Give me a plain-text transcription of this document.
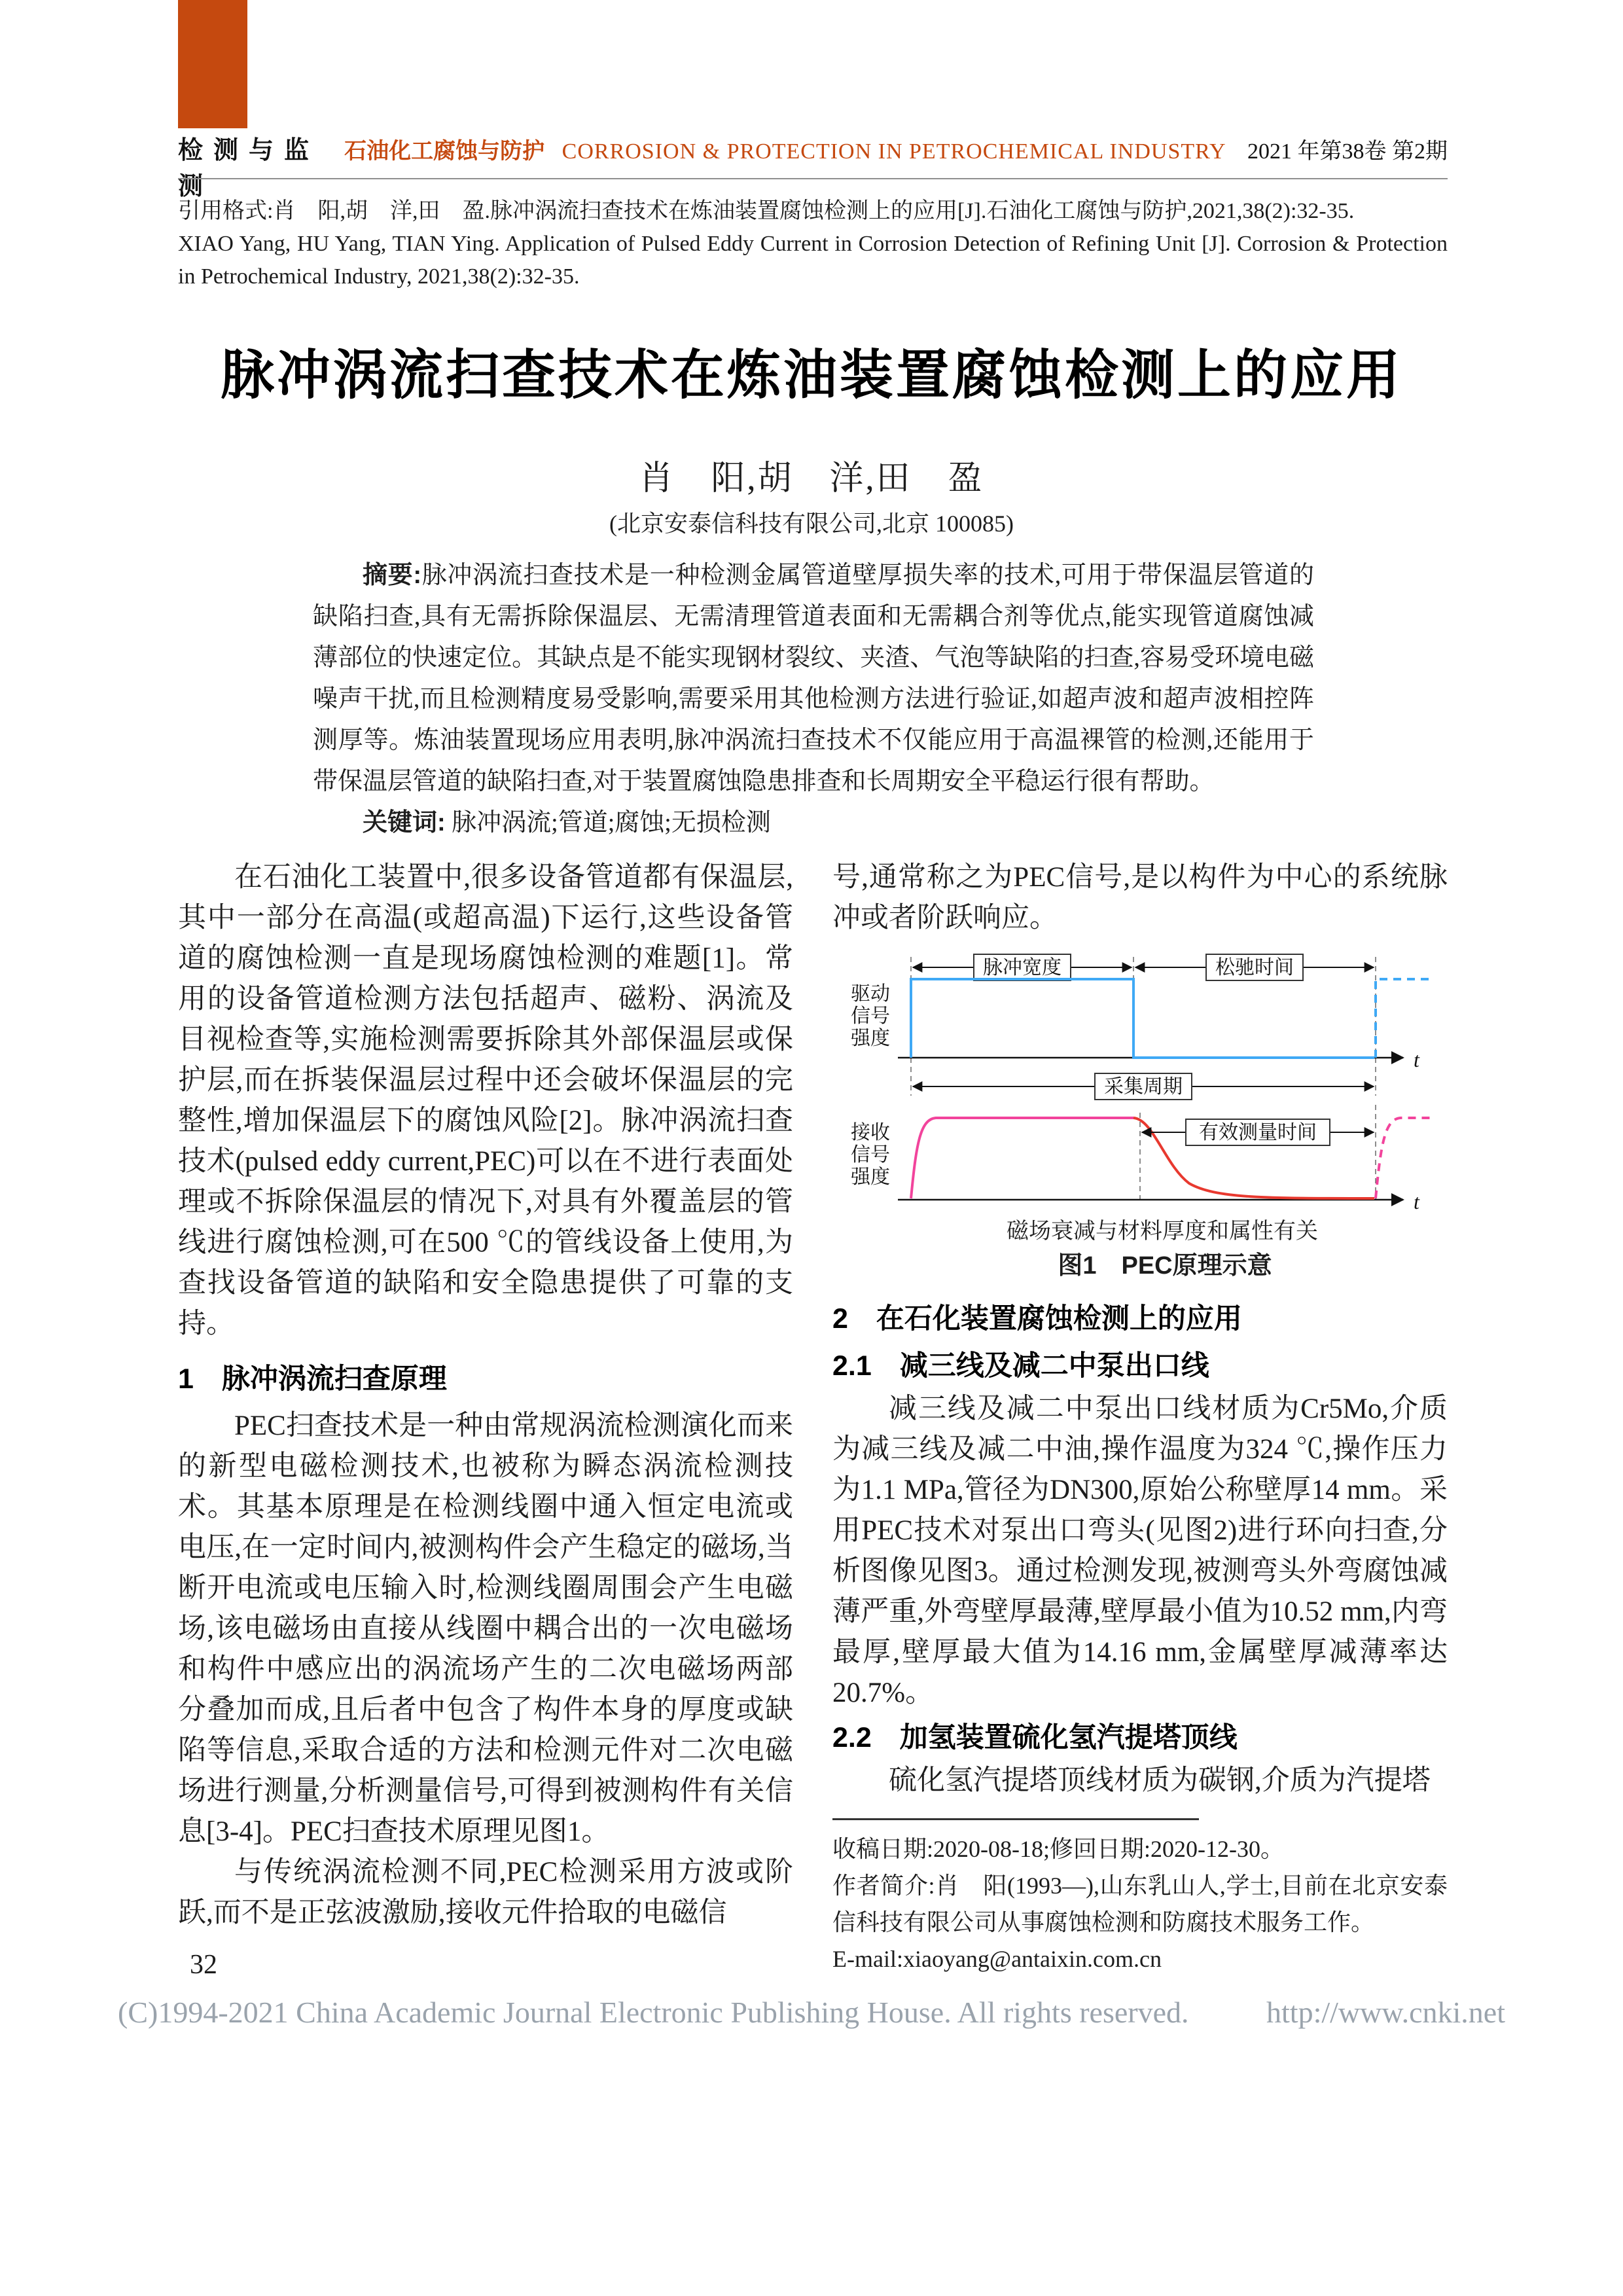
检测与监测
石油化工腐蚀与防护 CORROSION & PROTECTION IN PETROCHEMICAL INDUSTRY 2021 年第38卷 第2期

引用格式:肖　阳,胡　洋,田　盈.脉冲涡流扫查技术在炼油装置腐蚀检测上的应用[J].石油化工腐蚀与防护,2021,38(2):32-35.

XIAO Yang, HU Yang, TIAN Ying. Application of Pulsed Eddy Current in Corrosion Detection of Refining Unit [J]. Corrosion & Protection in Petrochemical Industry, 2021,38(2):32-35.

脉冲涡流扫查技术在炼油装置腐蚀检测上的应用
肖　阳,胡　洋,田　盈
(北京安泰信科技有限公司,北京 100085)

摘要:脉冲涡流扫查技术是一种检测金属管道壁厚损失率的技术,可用于带保温层管道的缺陷扫查,具有无需拆除保温层、无需清理管道表面和无需耦合剂等优点,能实现管道腐蚀减薄部位的快速定位。其缺点是不能实现钢材裂纹、夹渣、气泡等缺陷的扫查,容易受环境电磁噪声干扰,而且检测精度易受影响,需要采用其他检测方法进行验证,如超声波和超声波相控阵测厚等。炼油装置现场应用表明,脉冲涡流扫查技术不仅能应用于高温裸管的检测,还能用于带保温层管道的缺陷扫查,对于装置腐蚀隐患排查和长周期安全平稳运行很有帮助。

关键词: 脉冲涡流;管道;腐蚀;无损检测

在石油化工装置中,很多设备管道都有保温层,其中一部分在高温(或超高温)下运行,这些设备管道的腐蚀检测一直是现场腐蚀检测的难题[1]。常用的设备管道检测方法包括超声、磁粉、涡流及目视检查等,实施检测需要拆除其外部保温层或保护层,而在拆装保温层过程中还会破坏保温层的完整性,增加保温层下的腐蚀风险[2]。脉冲涡流扫查技术(pulsed eddy current,PEC)可以在不进行表面处理或不拆除保温层的情况下,对具有外覆盖层的管线进行腐蚀检测,可在500 ℃的管线设备上使用,为查找设备管道的缺陷和安全隐患提供了可靠的支持。

1　脉冲涡流扫查原理

PEC扫查技术是一种由常规涡流检测演化而来的新型电磁检测技术,也被称为瞬态涡流检测技术。其基本原理是在检测线圈中通入恒定电流或电压,在一定时间内,被测构件会产生稳定的磁场,当断开电流或电压输入时,检测线圈周围会产生电磁场,该电磁场由直接从线圈中耦合出的一次电磁场和构件中感应出的涡流场产生的二次电磁场两部分叠加而成,且后者中包含了构件本身的厚度或缺陷等信息,采取合适的方法和检测元件对二次电磁场进行测量,分析测量信号,可得到被测构件有关信息[3-4]。PEC扫查技术原理见图1。

与传统涡流检测不同,PEC检测采用方波或阶跃,而不是正弦波激励,接收元件拾取的电磁信

号,通常称之为PEC信号,是以构件为中心的系统脉冲或者阶跃响应。

脉冲宽度	松驰时间
t
驱动
信号
强度
采集周期
t
接收
信号
强度
有效测量时间

磁场衰减与材料厚度和属性有关

图1　PEC原理示意

2　在石化装置腐蚀检测上的应用
2.1　减三线及减二中泵出口线

减三线及减二中泵出口线材质为Cr5Mo,介质为减三线及减二中油,操作温度为324 ℃,操作压力为1.1 MPa,管径为DN300,原始公称壁厚14 mm。采用PEC技术对泵出口弯头(见图2)进行环向扫查,分析图像见图3。通过检测发现,被测弯头外弯腐蚀减薄严重,外弯壁厚最薄,壁厚最小值为10.52 mm,内弯最厚,壁厚最大值为14.16 mm,金属壁厚减薄率达20.7%。

2.2　加氢装置硫化氢汽提塔顶线

硫化氢汽提塔顶线材质为碳钢,介质为汽提塔

收稿日期:2020-08-18;修回日期:2020-12-30。

作者简介:肖　阳(1993—),山东乳山人,学士,目前在北京安泰信科技有限公司从事腐蚀检测和防腐技术服务工作。

E-mail:xiaoyang@antaixin.com.cn

32
(C)1994-2021 China Academic Journal Electronic Publishing House. All rights reserved.	http://www.cnki.net
